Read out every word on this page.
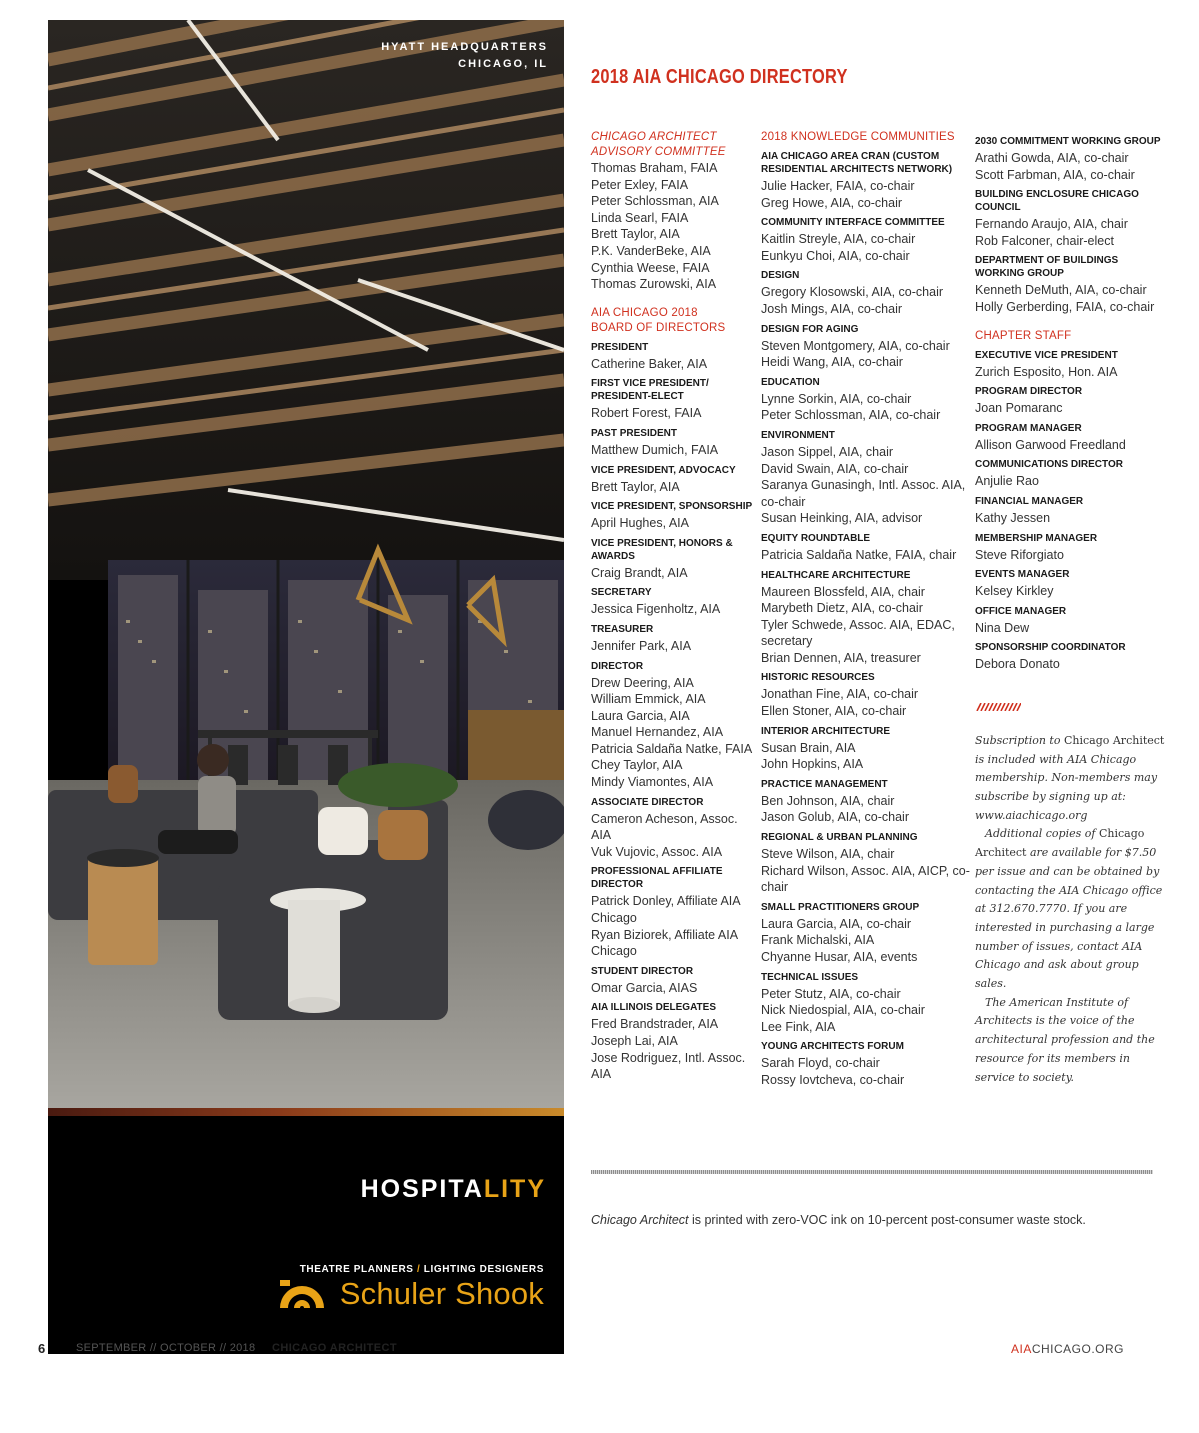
HYATT HEADQUARTERS
CHICAGO, IL
HOSPITALITY
THEATRE PLANNERS / LIGHTING DESIGNERS
Schuler Shook
2018 AIA CHICAGO DIRECTORY
CHICAGO ARCHITECT
ADVISORY COMMITTEE
Thomas Braham, FAIA
Peter Exley, FAIA
Peter Schlossman, AIA
Linda Searl, FAIA
Brett Taylor, AIA
P.K. VanderBeke, AIA
Cynthia Weese, FAIA
Thomas Zurowski, AIA
AIA CHICAGO 2018
BOARD OF DIRECTORS
PRESIDENT
Catherine Baker, AIA
FIRST VICE PRESIDENT/ PRESIDENT-ELECT
Robert Forest, FAIA
PAST PRESIDENT
Matthew Dumich, FAIA
VICE PRESIDENT, ADVOCACY
Brett Taylor, AIA
VICE PRESIDENT, SPONSORSHIP
April Hughes, AIA
VICE PRESIDENT, HONORS & AWARDS
Craig Brandt, AIA
SECRETARY
Jessica Figenholtz, AIA
TREASURER
Jennifer Park, AIA
DIRECTOR
Drew Deering, AIA
William Emmick, AIA
Laura Garcia, AIA
Manuel Hernandez, AIA
Patricia Saldaña Natke, FAIA
Chey Taylor, AIA
Mindy Viamontes, AIA
ASSOCIATE DIRECTOR
Cameron Acheson, Assoc. AIA
Vuk Vujovic, Assoc. AIA
PROFESSIONAL AFFILIATE DIRECTOR
Patrick Donley, Affiliate AIA Chicago
Ryan Biziorek, Affiliate AIA Chicago
STUDENT DIRECTOR
Omar Garcia, AIAS
AIA ILLINOIS DELEGATES
Fred Brandstrader, AIA
Joseph Lai, AIA
Jose Rodriguez, Intl. Assoc. AIA
2018 KNOWLEDGE COMMUNITIES
AIA CHICAGO AREA CRAN (CUSTOM RESIDENTIAL ARCHITECTS NETWORK)
Julie Hacker, FAIA, co-chair
Greg Howe, AIA, co-chair
COMMUNITY INTERFACE COMMITTEE
Kaitlin Streyle, AIA, co-chair
Eunkyu Choi, AIA, co-chair
DESIGN
Gregory Klosowski, AIA, co-chair
Josh Mings, AIA, co-chair
DESIGN FOR AGING
Steven Montgomery, AIA, co-chair
Heidi Wang, AIA, co-chair
EDUCATION
Lynne Sorkin, AIA, co-chair
Peter Schlossman, AIA, co-chair
ENVIRONMENT
Jason Sippel, AIA, chair
David Swain, AIA, co-chair
Saranya Gunasingh, Intl. Assoc. AIA, co-chair
Susan Heinking, AIA, advisor
EQUITY ROUNDTABLE
Patricia Saldaña Natke, FAIA, chair
HEALTHCARE ARCHITECTURE
Maureen Blossfeld, AIA, chair
Marybeth Dietz, AIA, co-chair
Tyler Schwede, Assoc. AIA, EDAC, secretary
Brian Dennen, AIA, treasurer
HISTORIC RESOURCES
Jonathan Fine, AIA, co-chair
Ellen Stoner, AIA, co-chair
INTERIOR ARCHITECTURE
Susan Brain, AIA
John Hopkins, AIA
PRACTICE MANAGEMENT
Ben Johnson, AIA, chair
Jason Golub, AIA, co-chair
REGIONAL & URBAN PLANNING
Steve Wilson, AIA, chair
Richard Wilson, Assoc. AIA, AICP, co-chair
SMALL PRACTITIONERS GROUP
Laura Garcia, AIA, co-chair
Frank Michalski, AIA
Chyanne Husar, AIA, events
TECHNICAL ISSUES
Peter Stutz, AIA, co-chair
Nick Niedospial, AIA, co-chair
Lee Fink, AIA
YOUNG ARCHITECTS FORUM
Sarah Floyd, co-chair
Rossy Iovtcheva, co-chair
2030 COMMITMENT WORKING GROUP
Arathi Gowda, AIA, co-chair
Scott Farbman, AIA, co-chair
BUILDING ENCLOSURE CHICAGO COUNCIL
Fernando Araujo, AIA, chair
Rob Falconer, chair-elect
DEPARTMENT OF BUILDINGS WORKING GROUP
Kenneth DeMuth, AIA, co-chair
Holly Gerberding, FAIA, co-chair
CHAPTER STAFF
EXECUTIVE VICE PRESIDENT
Zurich Esposito, Hon. AIA
PROGRAM DIRECTOR
Joan Pomaranc
PROGRAM MANAGER
Allison Garwood Freedland
COMMUNICATIONS DIRECTOR
Anjulie Rao
FINANCIAL MANAGER
Kathy Jessen
MEMBERSHIP MANAGER
Steve Riforgiato
EVENTS MANAGER
Kelsey Kirkley
OFFICE MANAGER
Nina Dew
SPONSORSHIP COORDINATOR
Debora Donato

Subscription to Chicago Architect is included with AIA Chicago membership. Non-members may subscribe by signing up at: www.aiachicago.org

Additional copies of Chicago Architect are available for $7.50 per issue and can be obtained by contacting the AIA Chicago office at 312.670.7770. If you are interested in purchasing a large number of issues, contact AIA Chicago and ask about group sales.

The American Institute of Architects is the voice of the architectural profession and the resource for its members in service to society.

Chicago Architect is printed with zero-VOC ink on 10-percent post-consumer waste stock.
6	SEPTEMBER // OCTOBER // 2018 CHICAGO ARCHITECT	AIACHICAGO.ORG
